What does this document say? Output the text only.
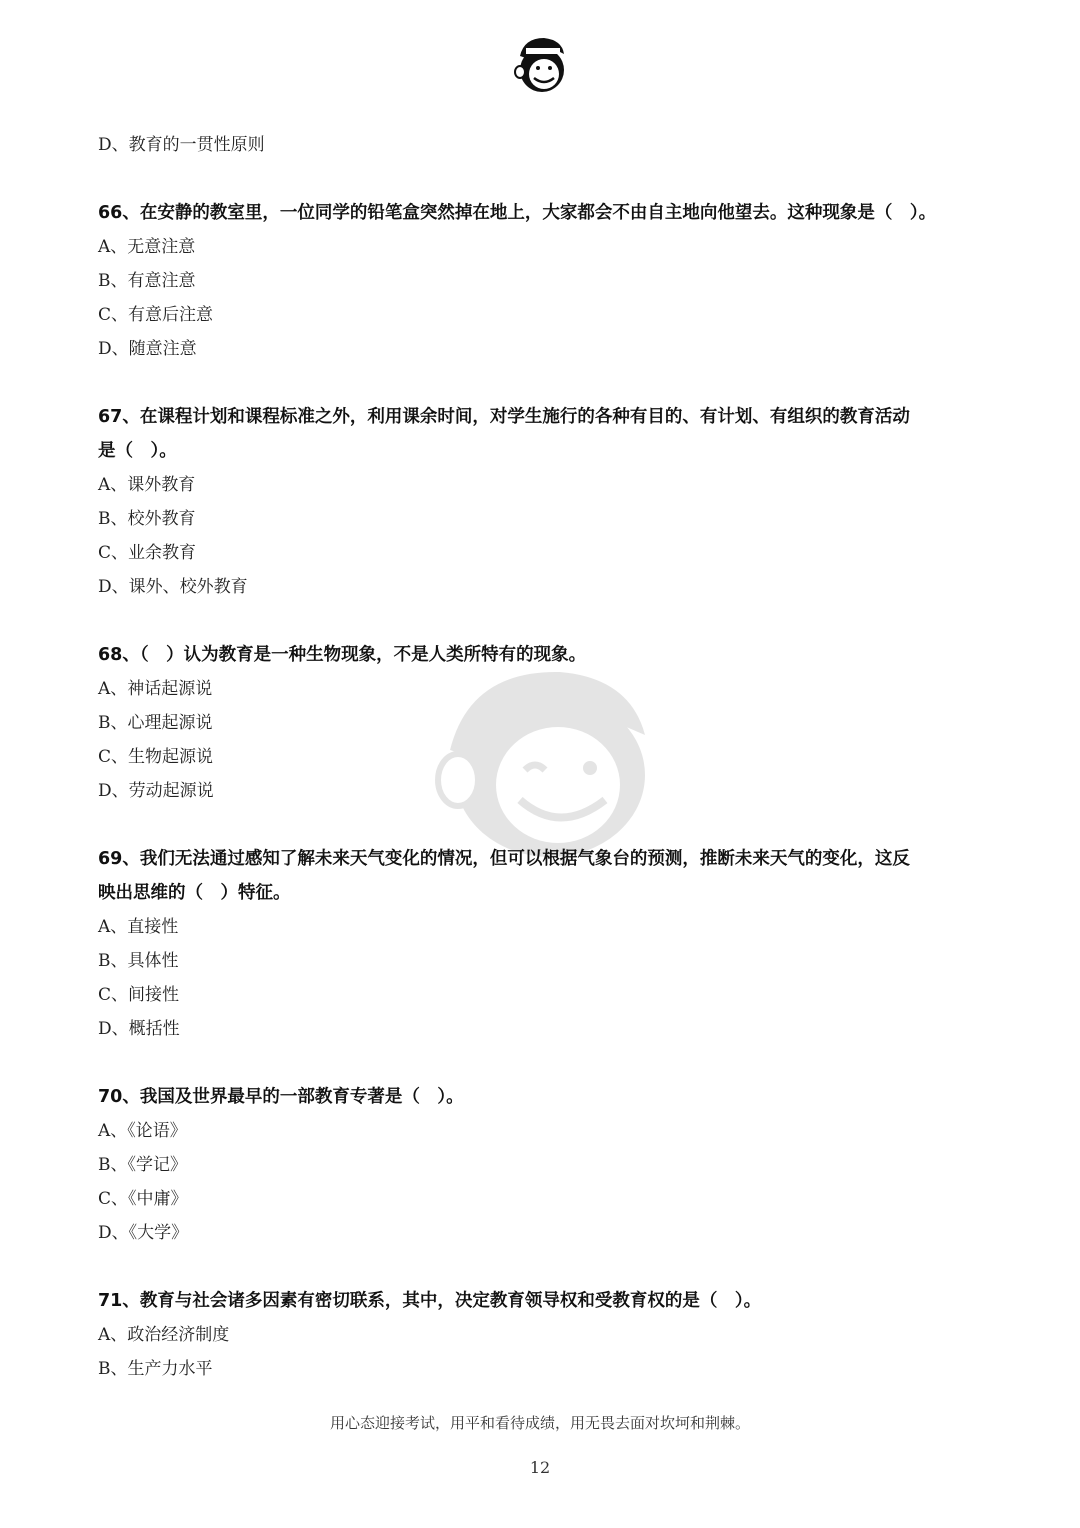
D、教育的一贯性原则
66、在安静的教室里，一位同学的铅笔盒突然掉在地上，大家都会不由自主地向他望去。这种现象是（　）。
A、无意注意
B、有意注意
C、有意后注意
D、随意注意
67、在课程计划和课程标准之外，利用课余时间，对学生施行的各种有目的、有计划、有组织的教育活动
是（　）。
A、课外教育
B、校外教育
C、业余教育
D、课外、校外教育
68、（　）认为教育是一种生物现象，不是人类所特有的现象。
A、神话起源说
B、心理起源说
C、生物起源说
D、劳动起源说
69、我们无法通过感知了解未来天气变化的情况，但可以根据气象台的预测，推断未来天气的变化，这反
映出思维的（　）特征。
A、直接性
B、具体性
C、间接性
D、概括性
70、我国及世界最早的一部教育专著是（　）。
A、《论语》
B、《学记》
C、《中庸》
D、《大学》
71、教育与社会诸多因素有密切联系，其中，决定教育领导权和受教育权的是（　）。
A、政治经济制度
B、生产力水平
用心态迎接考试，用平和看待成绩，用无畏去面对坎坷和荆棘。
12
